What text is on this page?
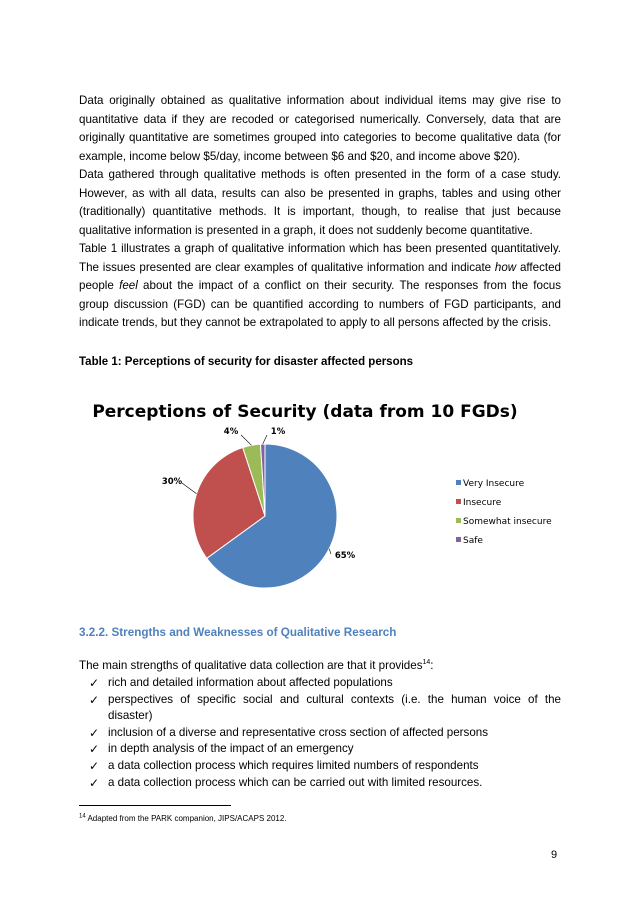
Data originally obtained as qualitative information about individual items may give rise to quantitative data if they are recoded or categorised numerically. Conversely, data that are originally quantitative are sometimes grouped into categories to become qualitative data (for example, income below $5/day, income between $6 and $20, and income above $20).

Data gathered through qualitative methods is often presented in the form of a case study. However, as with all data, results can also be presented in graphs, tables and using other (traditionally) quantitative methods. It is important, though, to realise that just because qualitative information is presented in a graph, it does not suddenly become quantitative.

Table 1 illustrates a graph of qualitative information which has been presented quantitatively. The issues presented are clear examples of qualitative information and indicate how affected people feel about the impact of a conflict on their security. The responses from the focus group discussion (FGD) can be quantified according to numbers of FGD participants, and indicate trends, but they cannot be extrapolated to apply to all persons affected by the crisis.

Table 1: Perceptions of security for disaster affected persons

Perceptions of Security (data from 10 FGDs)
65%
30%
4%	1%
Very Insecure
Insecure
Somewhat insecure
Safe

3.2.2. Strengths and Weaknesses of Qualitative Research

The main strengths of qualitative data collection are that it provides$^{14}$:

✓ rich and detailed information about affected populations
✓ perspectives of specific social and cultural contexts (i.e. the human voice of the disaster)
✓ inclusion of a diverse and representative cross section of affected persons
✓ in depth analysis of the impact of an emergency
✓ a data collection process which requires limited numbers of respondents
✓ a data collection process which can be carried out with limited resources.

$^{14}$ Adapted from the PARK companion, JIPS/ACAPS 2012.

9
